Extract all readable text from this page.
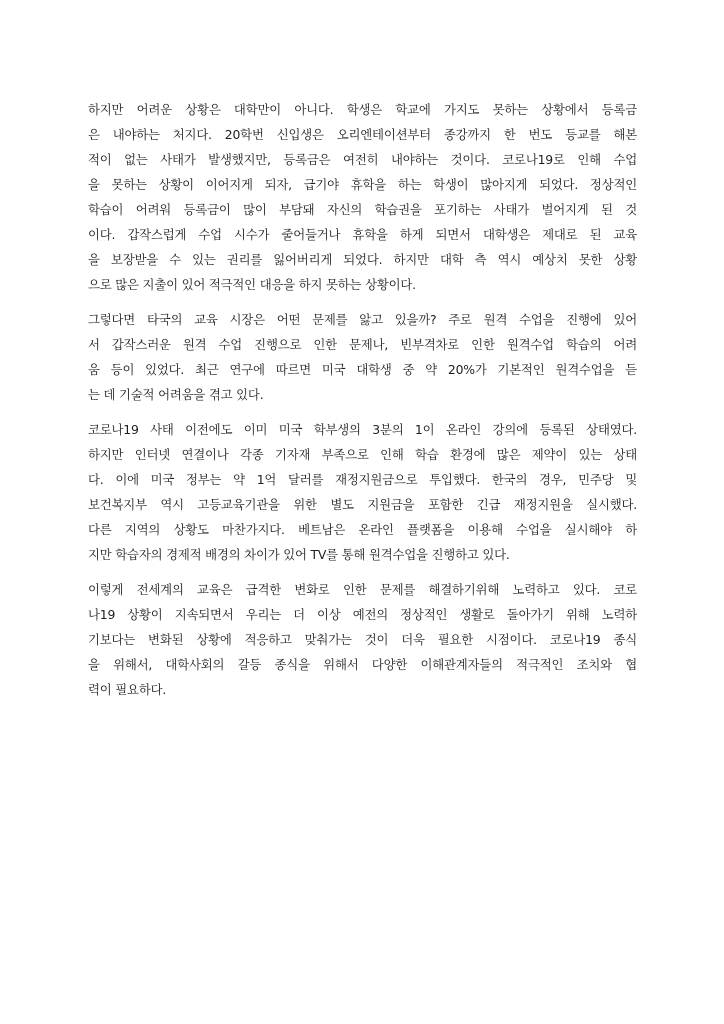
하지만 어려운 상황은 대학만이 아니다. 학생은 학교에 가지도 못하는 상황에서 등록금
은 내야하는 처지다. 20학번 신입생은 오리엔테이션부터 종강까지 한 번도 등교를 해본
적이 없는 사태가 발생했지만, 등록금은 여전히 내야하는 것이다. 코로나19로 인해 수업
을 못하는 상황이 이어지게 되자, 급기야 휴학을 하는 학생이 많아지게 되었다. 정상적인
학습이 어려워 등록금이 많이 부담돼 자신의 학습권을 포기하는 사태가 벌어지게 된 것
이다. 갑작스럽게 수업 시수가 줄어들거나 휴학을 하게 되면서 대학생은 제대로 된 교육
을 보장받을 수 있는 권리를 잃어버리게 되었다. 하지만 대학 측 역시 예상치 못한 상황
으로 많은 지출이 있어 적극적인 대응을 하지 못하는 상황이다.
그렇다면 타국의 교육 시장은 어떤 문제를 앓고 있을까? 주로 원격 수업을 진행에 있어
서 갑작스러운 원격 수업 진행으로 인한 문제나, 빈부격차로 인한 원격수업 학습의 어려
움 등이 있었다. 최근 연구에 따르면 미국 대학생 중 약 20%가 기본적인 원격수업을 듣
는 데 기술적 어려움을 겪고 있다.
코로나19 사태 이전에도 이미 미국 학부생의 3분의 1이 온라인 강의에 등록된 상태였다.
하지만 인터넷 연결이나 각종 기자재 부족으로 인해 학습 환경에 많은 제약이 있는 상태
다. 이에 미국 정부는 약 1억 달러를 재정지원금으로 투입했다. 한국의 경우, 민주당 및
보건복지부 역시 고등교육기관을 위한 별도 지원금을 포함한 긴급 재정지원을 실시했다.
다른 지역의 상황도 마찬가지다. 베트남은 온라인 플랫폼을 이용해 수업을 실시해야 하
지만 학습자의 경제적 배경의 차이가 있어 TV를 통해 원격수업을 진행하고 있다.
이렇게 전세계의 교육은 급격한 변화로 인한 문제를 해결하기위해 노력하고 있다. 코로
나19 상황이 지속되면서 우리는 더 이상 예전의 정상적인 생활로 돌아가기 위해 노력하
기보다는 변화된 상황에 적응하고 맞춰가는 것이 더욱 필요한 시점이다. 코로나19 종식
을 위해서, 대학사회의 갈등 종식을 위해서 다양한 이해관계자들의 적극적인 조치와 협
력이 필요하다.
